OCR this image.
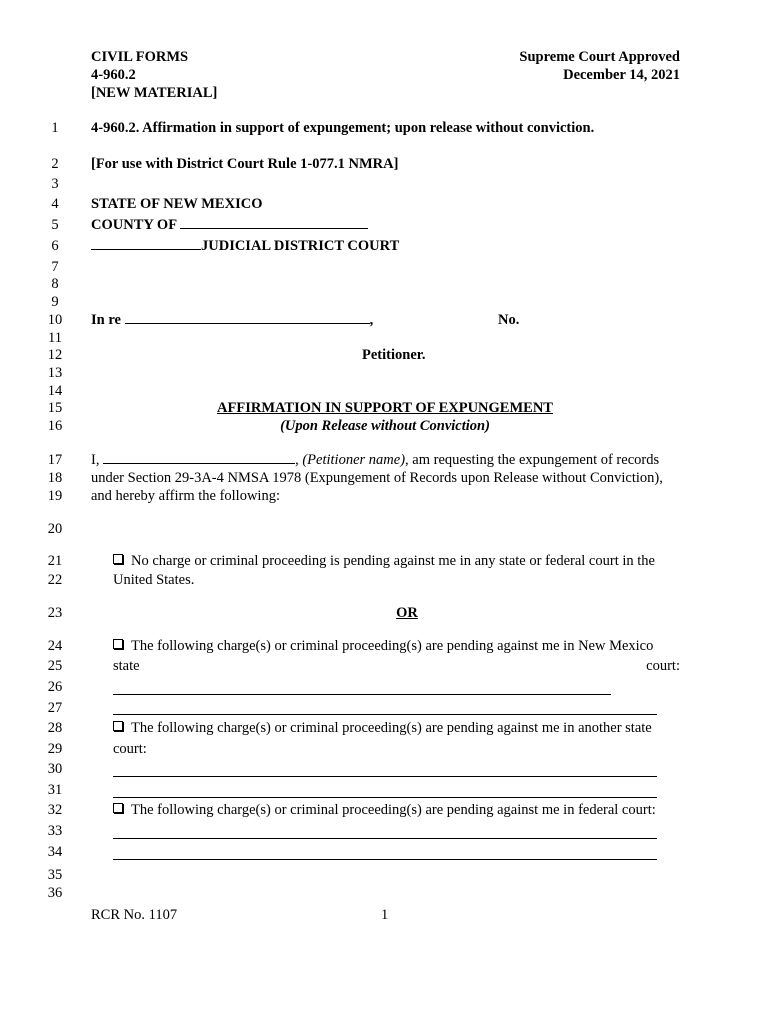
CIVIL FORMS
4-960.2
[NEW MATERIAL]
Supreme Court Approved
December 14, 2021
1
2
3
4
5
6
7
8
9
10
11
12
13
14
15
16
17
18
19
20
21
22
23
24
25
26
27
28
29
30
31
32
33
34
35
36
4-960.2. Affirmation in support of expungement; upon release without conviction.
[For use with District Court Rule 1-077.1 NMRA]
STATE OF NEW MEXICO
COUNTY OF
JUDICIAL DISTRICT COURT
In re	,	No.
Petitioner.
AFFIRMATION IN SUPPORT OF EXPUNGEMENT
(Upon Release without Conviction)
I,	, (Petitioner name), am requesting the expungement of records
under Section 29-3A-4 NMSA 1978 (Expungement of Records upon Release without Conviction),
and hereby affirm the following:
No charge or criminal proceeding is pending against me in any state or federal court in the
United States.
OR
The following charge(s) or criminal proceeding(s) are pending against me in New Mexico
state	court:
The following charge(s) or criminal proceeding(s) are pending against me in another state
court:
The following charge(s) or criminal proceeding(s) are pending against me in federal court:
RCR No. 1107	1
